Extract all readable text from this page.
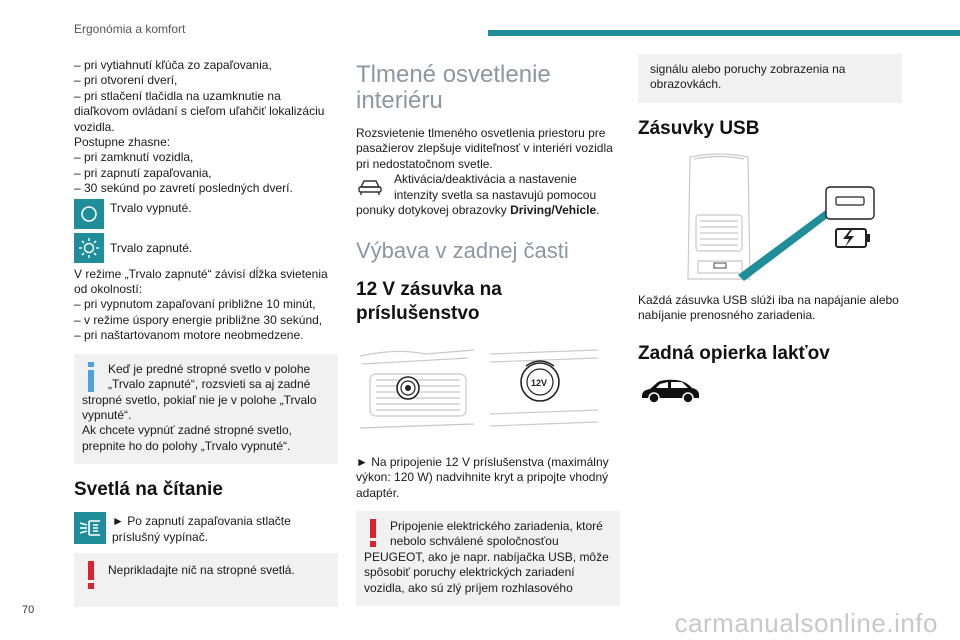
Ergonómia a komfort
– pri vytiahnutí kľúča zo zapaľovania,
– pri otvorení dverí,
– pri stlačení tlačidla na uzamknutie na
diaľkovom ovládaní s cieľom uľahčiť lokalizáciu
vozidla.
Postupne zhasne:
– pri zamknutí vozidla,
– pri zapnutí zapaľovania,
– 30 sekúnd po zavretí posledných dverí.
Trvalo vypnuté.
Trvalo zapnuté.
V režime „Trvalo zapnuté“ závisí dĺžka svietenia
od okolností:
– pri vypnutom zapaľovaní približne 10 minút,
– v režime úspory energie približne 30 sekúnd,
– pri naštartovanom motore neobmedzene.
Keď je predné stropné svetlo v polohe
„Trvalo zapnuté“, rozsvieti sa aj zadné
stropné svetlo, pokiaľ nie je v polohe „Trvalo
vypnuté“.
Ak chcete vypnúť zadné stropné svetlo,
prepnite ho do polohy „Trvalo vypnuté“.
Svetlá na čítanie
► Po zapnutí zapaľovania stlačte
príslušný vypínač.
Neprikladajte nič na stropné svetlá.
Tlmené osvetlenie
interiéru
Rozsvietenie tlmeného osvetlenia priestoru pre
pasažierov zlepšuje viditeľnosť v interiéri vozidla
pri nedostatočnom svetle.
Aktivácia/deaktivácia a nastavenie
intenzity svetla sa nastavujú pomocou
ponuky dotykovej obrazovky Driving/Vehicle.
Výbava v zadnej časti
12 V zásuvka na
príslušenstvo
12V
► Na pripojenie 12 V príslušenstva (maximálny
výkon: 120 W) nadvihnite kryt a pripojte vhodný
adaptér.
Pripojenie elektrického zariadenia, ktoré
nebolo schválené spoločnosťou
PEUGEOT, ako je napr. nabíjačka USB, môže
spôsobiť poruchy elektrických zariadení
vozidla, ako sú zlý príjem rozhlasového
signálu alebo poruchy zobrazenia na
obrazovkách.
Zásuvky USB
Každá zásuvka USB slúži iba na napájanie alebo
nabíjanie prenosného zariadenia.
Zadná opierka lakťov
70	carmanualsonline.info
